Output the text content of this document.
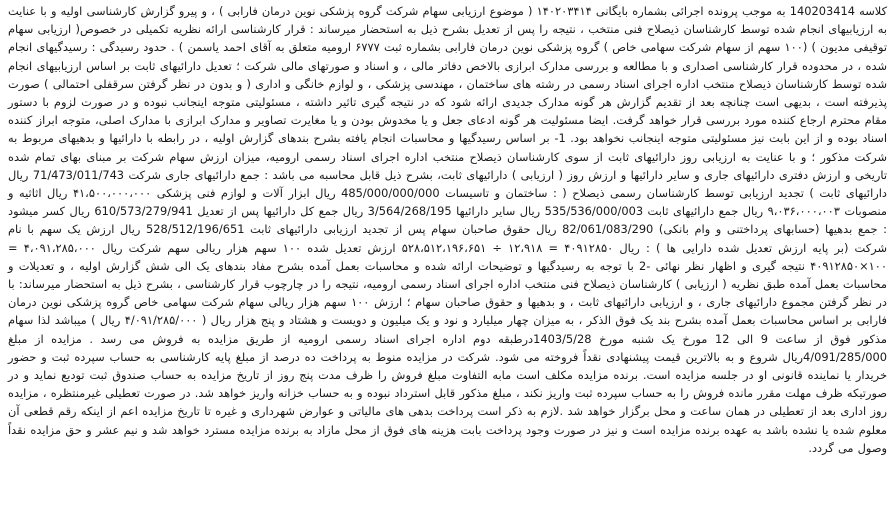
کلاسه 140203414 به موجب پرونده اجرائی بشماره بایگانی ۱۴۰۲۰۳۴۱۴ ( موضوع ارزیابی سهام شرکت گروه پزشکی نوین درمان فارابی ) ، و پیرو گزارش کارشناسی اولیه و با عنایت به ارزیابیهای انجام شده توسط کارشناسان ذیصلاح فنی منتخب ، نتیجه را پس از تعدیل بشرح ذیل به استحضار میرساند : قرار کارشناسی ارائه نظریه تکمیلی در خصوص( ارزیابی سهام توقیفی مدیون ) (۱۰۰ سهم از سهام شرکت سهامی خاص ) گروه پزشکی نوین درمان فارابی بشماره ثبت ۶۷۷۷ ارومیه متعلق به آقای احمد یاسمن ) . حدود رسیدگی : رسیدگیهای انجام شده ، در محدوده قرار کارشناسی اصداری و با مطالعه و بررسی مدارک ابرازی بالاخص دفاتر مالی ، و اسناد و صورتهای مالی شرکت ؛ تعدیل دارائیهای ثابت بر اساس ارزیابیهای انجام شده توسط کارشناسان ذیصلاح منتخب اداره اجرای اسناد رسمی در رشته های ساختمان ، مهندسی پزشکی ، و لوازم خانگی و اداری ( و بدون در نظر گرفتن سرقفلی احتمالی ) صورت پذیرفته است ، بدیهی است چنانچه بعد از تقدیم گزارش هر گونه مدارک جدیدی ارائه شود که در نتیجه گیری تاثیر داشته ، مسئولیتی متوجه اینجانب نبوده و در صورت لزوم با دستور مقام محترم ارجاع کننده مورد بررسی قرار خواهد گرفت. ایضا مسئولیت هر گونه ادعای جعل و یا مخدوش بودن و یا مغایرت تصاویر و مدارک ابرازی با مدارک اصلی، متوجه ابراز کننده اسناد بوده و از این بابت نیز مسئولیتی متوجه اینجانب نخواهد بود. 1- بر اساس رسیدگیها و محاسبات انجام یافته بشرح بندهای گزارش اولیه ، در رابطه با دارائیها و بدهیهای مربوط به شرکت مذکور ؛ و با عنایت به ارزیابی روز دارائیهای ثابت از سوی کارشناسان ذیصلاح منتخب اداره اجرای اسناد رسمی ارومیه، میزان ارزش سهام شرکت بر مبنای بهای تمام شده تاریخی و ارزش دفتری دارائیهای جاری و سایر دارائیها و ارزش روز ( ارزیابی ) دارائیهای ثابت، بشرح ذیل قابل محاسبه می باشد : جمع دارائیهای جاری شرکت 71/473/011/743 ریال دارائیهای ثابت ) تجدید ارزیابی توسط کارشناسان رسمی ذیصلاح ( : ساختمان و تاسیسات 485/000/000/000 ریال ابزار آلات و لوازم فنی پزشکی ۴۱،۵۰۰،۰۰۰،۰۰۰ ریال اثاثیه و منصوبات ۹،۰۳۶،۰۰۰،۰۰۳ ریال جمع دارائیهای ثابت 535/536/000/003 ریال سایر دارائیها 3/564/268/195 ریال جمع کل دارائیها پس از تعدیل 610/573/279/941 ریال کسر میشود : جمع بدهیها (حسابهای پرداختنی و وام بانکی) 82/061/083/290 ریال حقوق صاحبان سهام پس از تجدید ارزیابی دارائیهای ثابت 528/512/196/651 ریال ارزش یک سهم با نام شرکت (بر پایه ارزش تعدیل شده دارایی ها ) : ریال ۴۰۹۱۲۸۵۰ = ۱۲،۹۱۸ ÷ ۵۲۸،۵۱۲،۱۹۶،۶۵۱ ارزش تعدیل شده ۱۰۰ سهم هزار ریالی سهم شرکت ریال ۴،۰۹۱،۲۸۵،۰۰۰ = ۱۰۰×۴۰۹۱۲۸۵۰ نتیجه گیری و اظهار نظر نهائی -2 با توجه به رسیدگیها و توضیحات ارائه شده و محاسبات بعمل آمده بشرح مفاد بندهای یک الی شش گزارش اولیه ، و تعدیلات و محاسبات بعمل آمده طبق نظریه ( ارزیابی ) کارشناسان ذیصلاح فنی منتخب اداره اجرای اسناد رسمی ارومیه، نتیجه را در چارچوب قرار کارشناسی ، بشرح ذیل به استحضار میرساند: با در نظر گرفتن مجموع دارائیهای جاری ، و ارزیابی دارائیهای ثابت ، و بدهیها و حقوق صاحبان سهام ؛ ارزش ۱۰۰ سهم هزار ریالی سهام شرکت سهامی خاص گروه پزشکی نوین درمان فارابی بر اساس محاسبات بعمل آمده بشرح بند یک فوق الذکر ، به میزان چهار میلیارد و نود و یک میلیون و دویست و هشتاد و پنج هزار ریال ( ۴/۰۹۱/۲۸۵/۰۰۰ ریال ) میباشد لذا سهام مذکور فوق از ساعت 9 الی 12 مورخ یک شنبه مورخ 1403/5/28درطبقه دوم اداره اجرای اسناد رسمی ارومیه از طریق مزایده به فروش می رسد . مزایده از مبلغ 4/091/285/000ریال شروع و به بالاترین قیمت پیشنهادی نقداً فروخته می شود. شرکت در مزایده منوط به پرداخت ده درصد از مبلغ پایه کارشناسی به حساب سپرده ثبت و حضور خریدار یا نماینده قانونی او در جلسه مزایده است. برنده مزایده مکلف است مابه التفاوت مبلغ فروش را ظرف مدت پنج روز از تاریخ مزایده به حساب صندوق ثبت تودیع نماید و در صورتیکه ظرف مهلت مقرر مانده فروش را به حساب سپرده ثبت واریز نکند ، مبلغ مذکور قابل استرداد نبوده و به حساب خزانه واریز خواهد شد. در صورت تعطیلی غیرمنتظره ، مزایده روز اداری بعد از تعطیلی در همان ساعت و محل برگزار خواهد شد .لازم به ذکر است پرداخت بدهی های مالیاتی و عوارض شهرداری و غیره تا تاریخ مزایده اعم از اینکه رقم قطعی آن معلوم شده یا نشده باشد به عهده برنده مزایده است و نیز در صورت وجود پرداخت بابت هزینه های فوق از محل مازاد به برنده مزایده مسترد خواهد شد و نیم عشر و حق مزایده نقداً وصول می گردد.
